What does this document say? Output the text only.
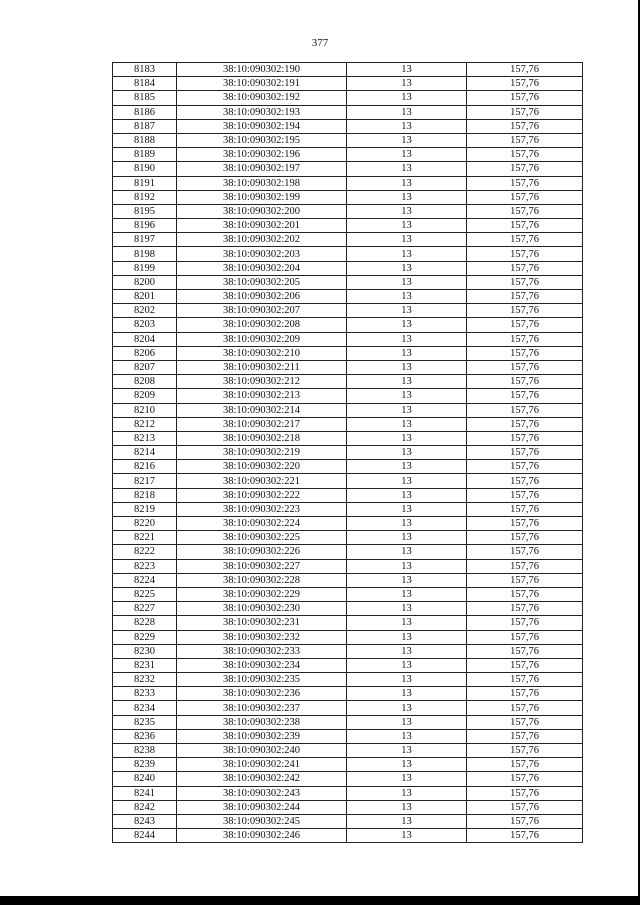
377
8183	38:10:090302:190	13	157,76
8184	38:10:090302:191	13	157,76
8185	38:10:090302:192	13	157,76
8186	38:10:090302:193	13	157,76
8187	38:10:090302:194	13	157,76
8188	38:10:090302:195	13	157,76
8189	38:10:090302:196	13	157,76
8190	38:10:090302:197	13	157,76
8191	38:10:090302:198	13	157,76
8192	38:10:090302:199	13	157,76
8195	38:10:090302:200	13	157,76
8196	38:10:090302:201	13	157,76
8197	38:10:090302:202	13	157,76
8198	38:10:090302:203	13	157,76
8199	38:10:090302:204	13	157,76
8200	38:10:090302:205	13	157,76
8201	38:10:090302:206	13	157,76
8202	38:10:090302:207	13	157,76
8203	38:10:090302:208	13	157,76
8204	38:10:090302:209	13	157,76
8206	38:10:090302:210	13	157,76
8207	38:10:090302:211	13	157,76
8208	38:10:090302:212	13	157,76
8209	38:10:090302:213	13	157,76
8210	38:10:090302:214	13	157,76
8212	38:10:090302:217	13	157,76
8213	38:10:090302:218	13	157,76
8214	38:10:090302:219	13	157,76
8216	38:10:090302:220	13	157,76
8217	38:10:090302:221	13	157,76
8218	38:10:090302:222	13	157,76
8219	38:10:090302:223	13	157,76
8220	38:10:090302:224	13	157,76
8221	38:10:090302:225	13	157,76
8222	38:10:090302:226	13	157,76
8223	38:10:090302:227	13	157,76
8224	38:10:090302:228	13	157,76
8225	38:10:090302:229	13	157,76
8227	38:10:090302:230	13	157,76
8228	38:10:090302:231	13	157,76
8229	38:10:090302:232	13	157,76
8230	38:10:090302:233	13	157,76
8231	38:10:090302:234	13	157,76
8232	38:10:090302:235	13	157,76
8233	38:10:090302:236	13	157,76
8234	38:10:090302:237	13	157,76
8235	38:10:090302:238	13	157,76
8236	38:10:090302:239	13	157,76
8238	38:10:090302:240	13	157,76
8239	38:10:090302:241	13	157,76
8240	38:10:090302:242	13	157,76
8241	38:10:090302:243	13	157,76
8242	38:10:090302:244	13	157,76
8243	38:10:090302:245	13	157,76
8244	38:10:090302:246	13	157,76
